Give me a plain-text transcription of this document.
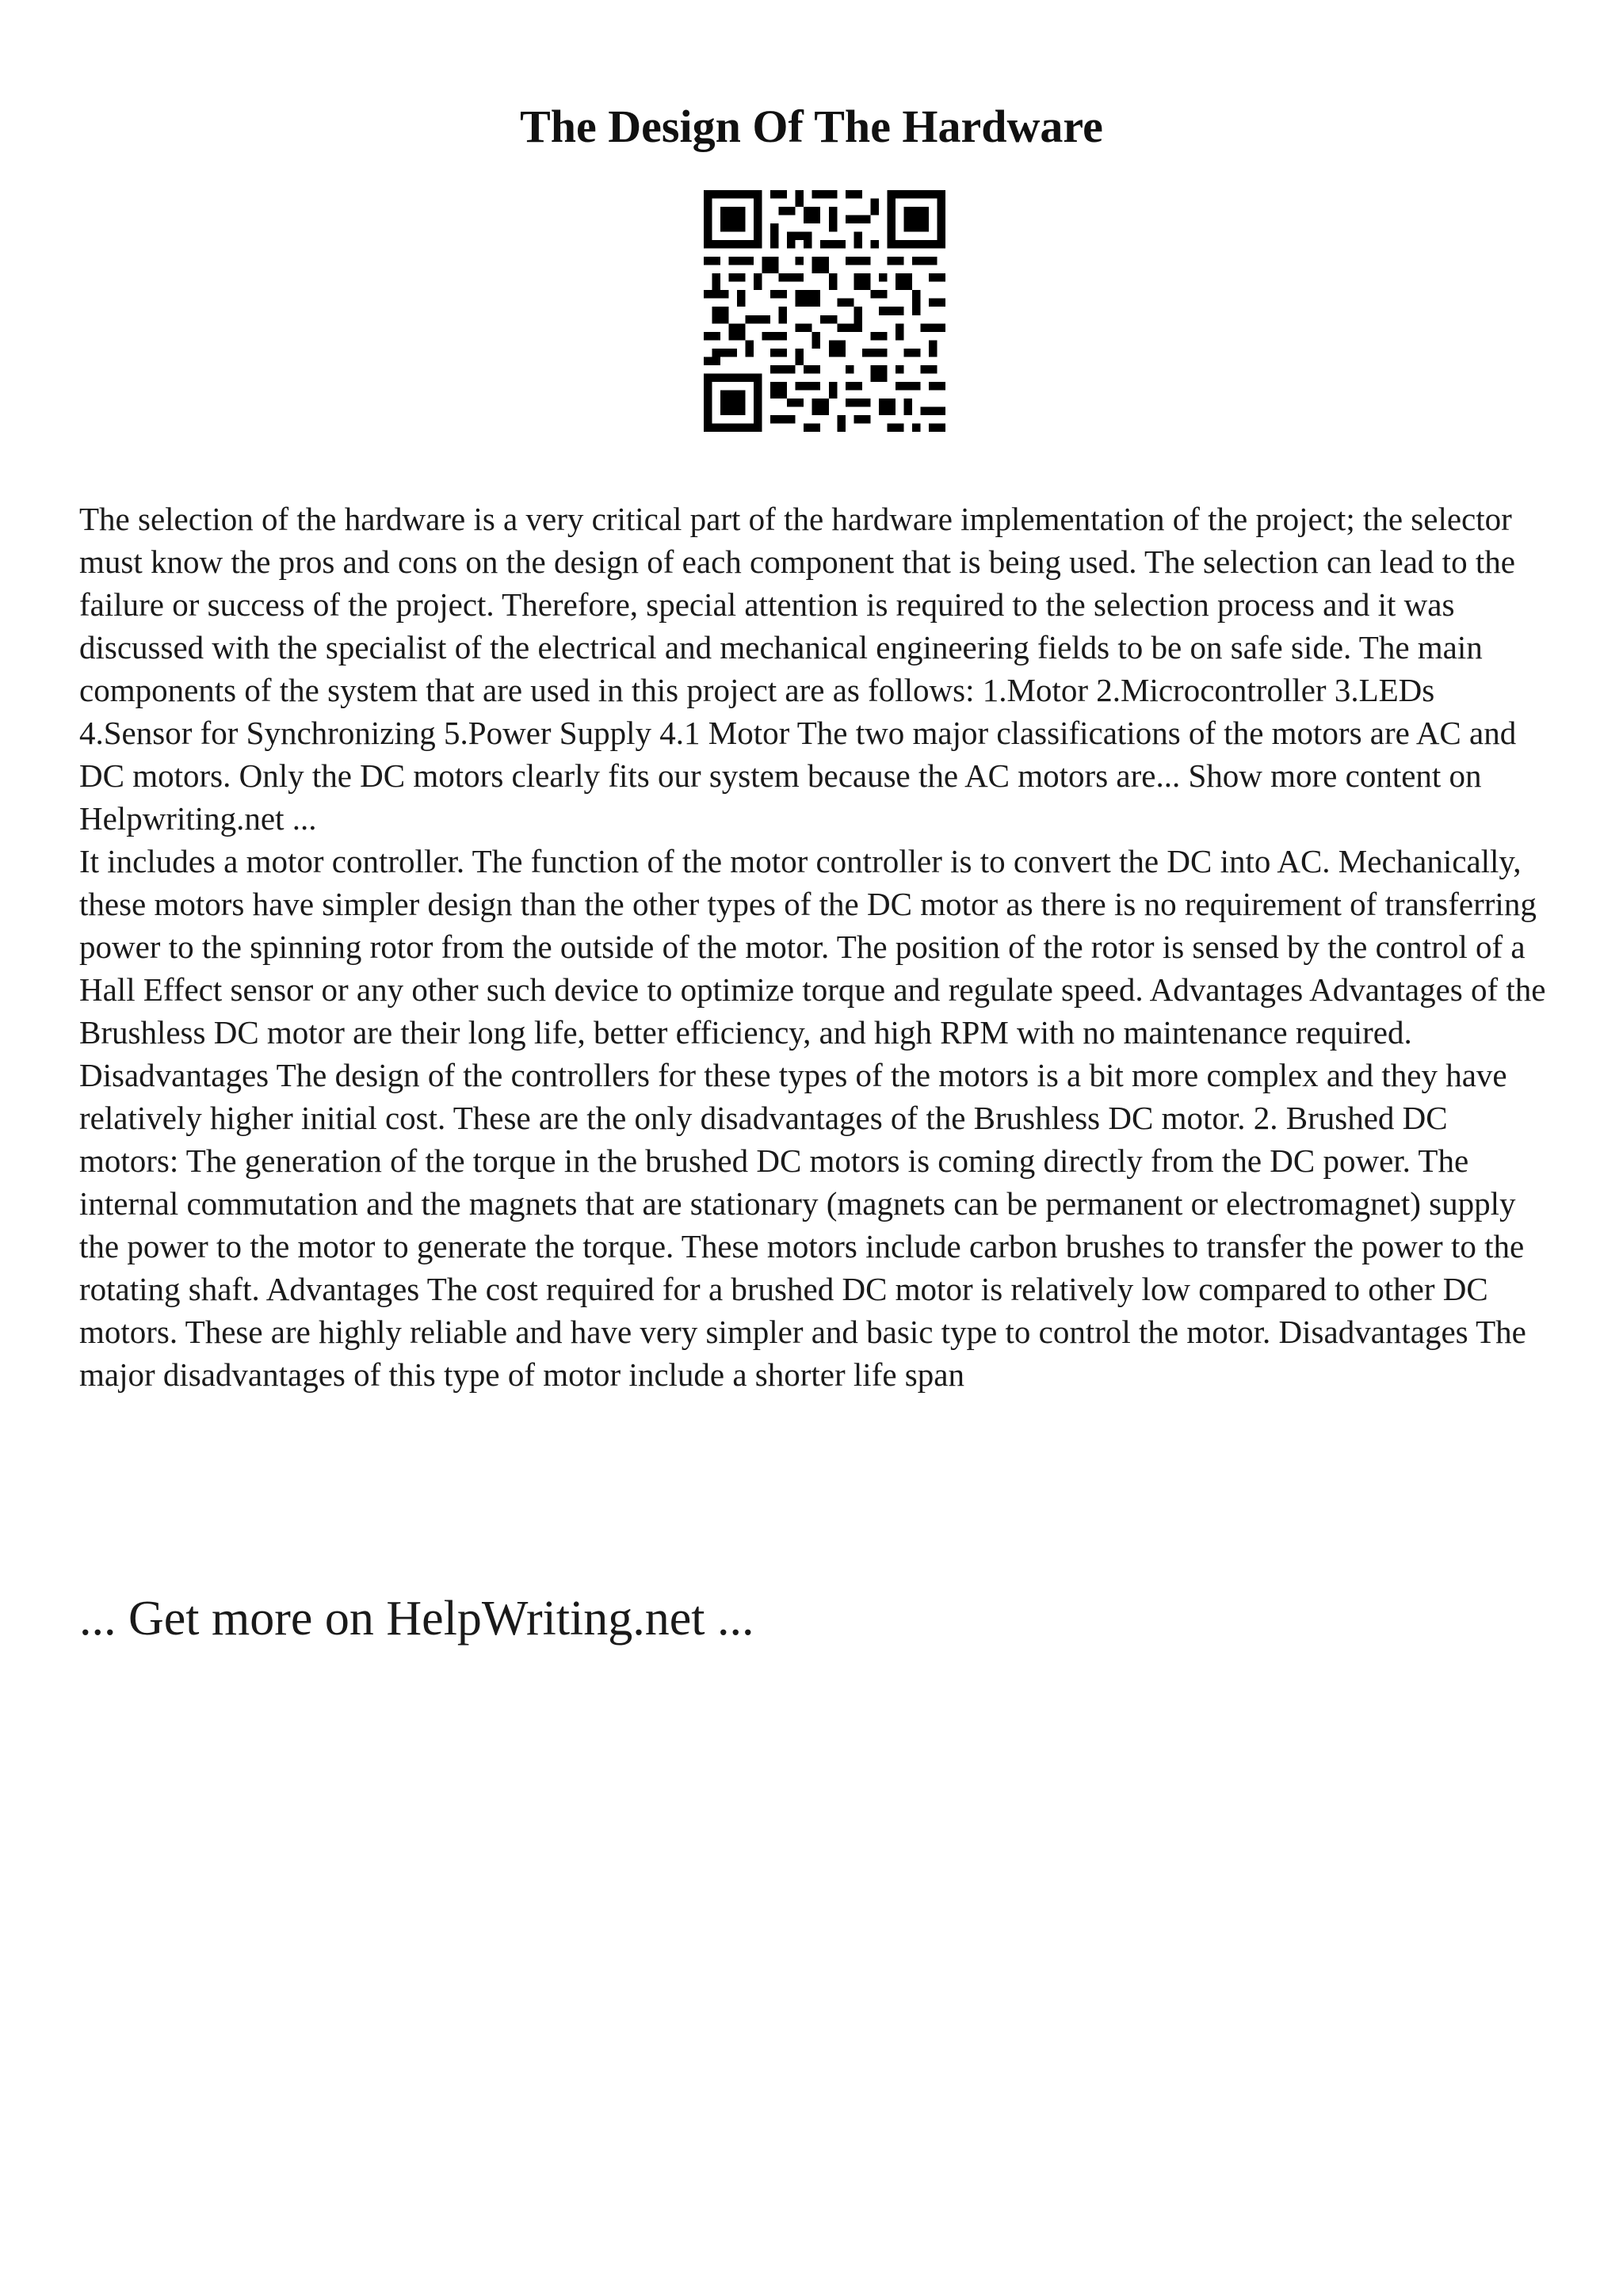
The Design Of The Hardware

The selection of the hardware is a very critical part of the hardware implementation of the project; the selector must know the pros and cons on the design of each component that is being used. The selection can lead to the failure or success of the project. Therefore, special attention is required to the selection process and it was discussed with the specialist of the electrical and mechanical engineering fields to be on safe side. The main components of the system that are used in this project are as follows: 1.Motor 2.Microcontroller 3.LEDs 4.Sensor for Synchronizing 5.Power Supply 4.1 Motor The two major classifications of the motors are AC and DC motors. Only the DC motors clearly fits our system because the AC motors are... Show more content on Helpwriting.net ...

It includes a motor controller. The function of the motor controller is to convert the DC into AC. Mechanically, these motors have simpler design than the other types of the DC motor as there is no requirement of transferring power to the spinning rotor from the outside of the motor. The position of the rotor is sensed by the control of a Hall Effect sensor or any other such device to optimize torque and regulate speed. Advantages Advantages of the Brushless DC motor are their long life, better efficiency, and high RPM with no maintenance required. Disadvantages The design of the controllers for these types of the motors is a bit more complex and they have relatively higher initial cost. These are the only disadvantages of the Brushless DC motor. 2. Brushed DC motors: The generation of the torque in the brushed DC motors is coming directly from the DC power. The internal commutation and the magnets that are stationary (magnets can be permanent or electromagnet) supply the power to the motor to generate the torque. These motors include carbon brushes to transfer the power to the rotating shaft. Advantages The cost required for a brushed DC motor is relatively low compared to other DC motors. These are highly reliable and have very simpler and basic type to control the motor. Disadvantages The major disadvantages of this type of motor include a shorter life span

... Get more on HelpWriting.net ...
